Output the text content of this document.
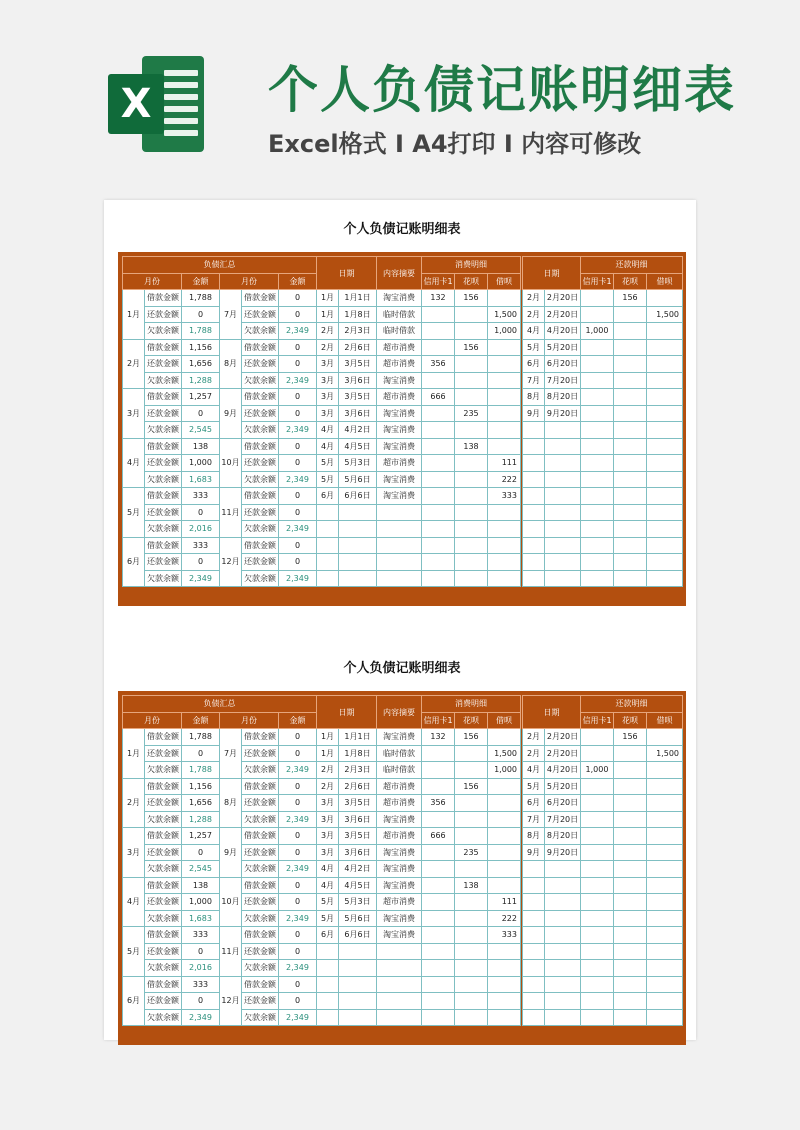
X 个人负债记账明细表
Excel格式 I A4打印 I 内容可修改
个人负债记账明细表
负债汇总					
月份		金额	月份		金额
1月	借款金额	1,788	7月	借款金额	0
	还款金额	0		还款金额	0
	欠款余额	1,788		欠款余额	2,349
2月	借款金额	1,156	8月	借款金额	0
	还款金额	1,656		还款金额	0
	欠款余额	1,288		欠款余额	2,349
3月	借款金额	1,257	9月	借款金额	0
	还款金额	0		还款金额	0
	欠款余额	2,545		欠款余额	2,349
4月	借款金额	138	10月	借款金额	0
	还款金额	1,000		还款金额	0
	欠款余额	1,683		欠款余额	2,349
5月	借款金额	333	11月	借款金额	0
	还款金额	0		还款金额	0
	欠款余额	2,016		欠款余额	2,349
6月	借款金额	333	12月	借款金额	0
	还款金额	0		还款金额	0
	欠款余额	2,349		欠款余额	2,349
日期		内容摘要	消费明细		
			信用卡1	花呗	借呗
1月	1月1日	淘宝消费	132	156	
1月	1月8日	临时借款			1,500
2月	2月3日	临时借款			1,000
2月	2月6日	超市消费		156	
3月	3月5日	超市消费	356		
3月	3月6日	淘宝消费			
3月	3月5日	超市消费	666		
3月	3月6日	淘宝消费		235	
4月	4月2日	淘宝消费			
4月	4月5日	淘宝消费		138	
5月	5月3日	超市消费			111
5月	5月6日	淘宝消费			222
6月	6月6日	淘宝消费			333

日期		还款明细		
		信用卡1	花呗	借呗
2月	2月20日		156	
2月	2月20日			1,500
4月	4月20日	1,000		
5月	5月20日			
6月	6月20日			
7月	7月20日			
8月	8月20日			
9月	9月20日			

个人负债记账明细表
负债汇总					
月份		金额	月份		金额
1月	借款金额	1,788	7月	借款金额	0
	还款金额	0		还款金额	0
	欠款余额	1,788		欠款余额	2,349
2月	借款金额	1,156	8月	借款金额	0
	还款金额	1,656		还款金额	0
	欠款余额	1,288		欠款余额	2,349
3月	借款金额	1,257	9月	借款金额	0
	还款金额	0		还款金额	0
	欠款余额	2,545		欠款余额	2,349
4月	借款金额	138	10月	借款金额	0
	还款金额	1,000		还款金额	0
	欠款余额	1,683		欠款余额	2,349
5月	借款金额	333	11月	借款金额	0
	还款金额	0		还款金额	0
	欠款余额	2,016		欠款余额	2,349
6月	借款金额	333	12月	借款金额	0
	还款金额	0		还款金额	0
	欠款余额	2,349		欠款余额	2,349
日期		内容摘要	消费明细		
			信用卡1	花呗	借呗
1月	1月1日	淘宝消费	132	156	
1月	1月8日	临时借款			1,500
2月	2月3日	临时借款			1,000
2月	2月6日	超市消费		156	
3月	3月5日	超市消费	356		
3月	3月6日	淘宝消费			
3月	3月5日	超市消费	666		
3月	3月6日	淘宝消费		235	
4月	4月2日	淘宝消费			
4月	4月5日	淘宝消费		138	
5月	5月3日	超市消费			111
5月	5月6日	淘宝消费			222
6月	6月6日	淘宝消费			333

日期		还款明细		
		信用卡1	花呗	借呗
2月	2月20日		156	
2月	2月20日			1,500
4月	4月20日	1,000		
5月	5月20日			
6月	6月20日			
7月	7月20日			
8月	8月20日			
9月	9月20日			
